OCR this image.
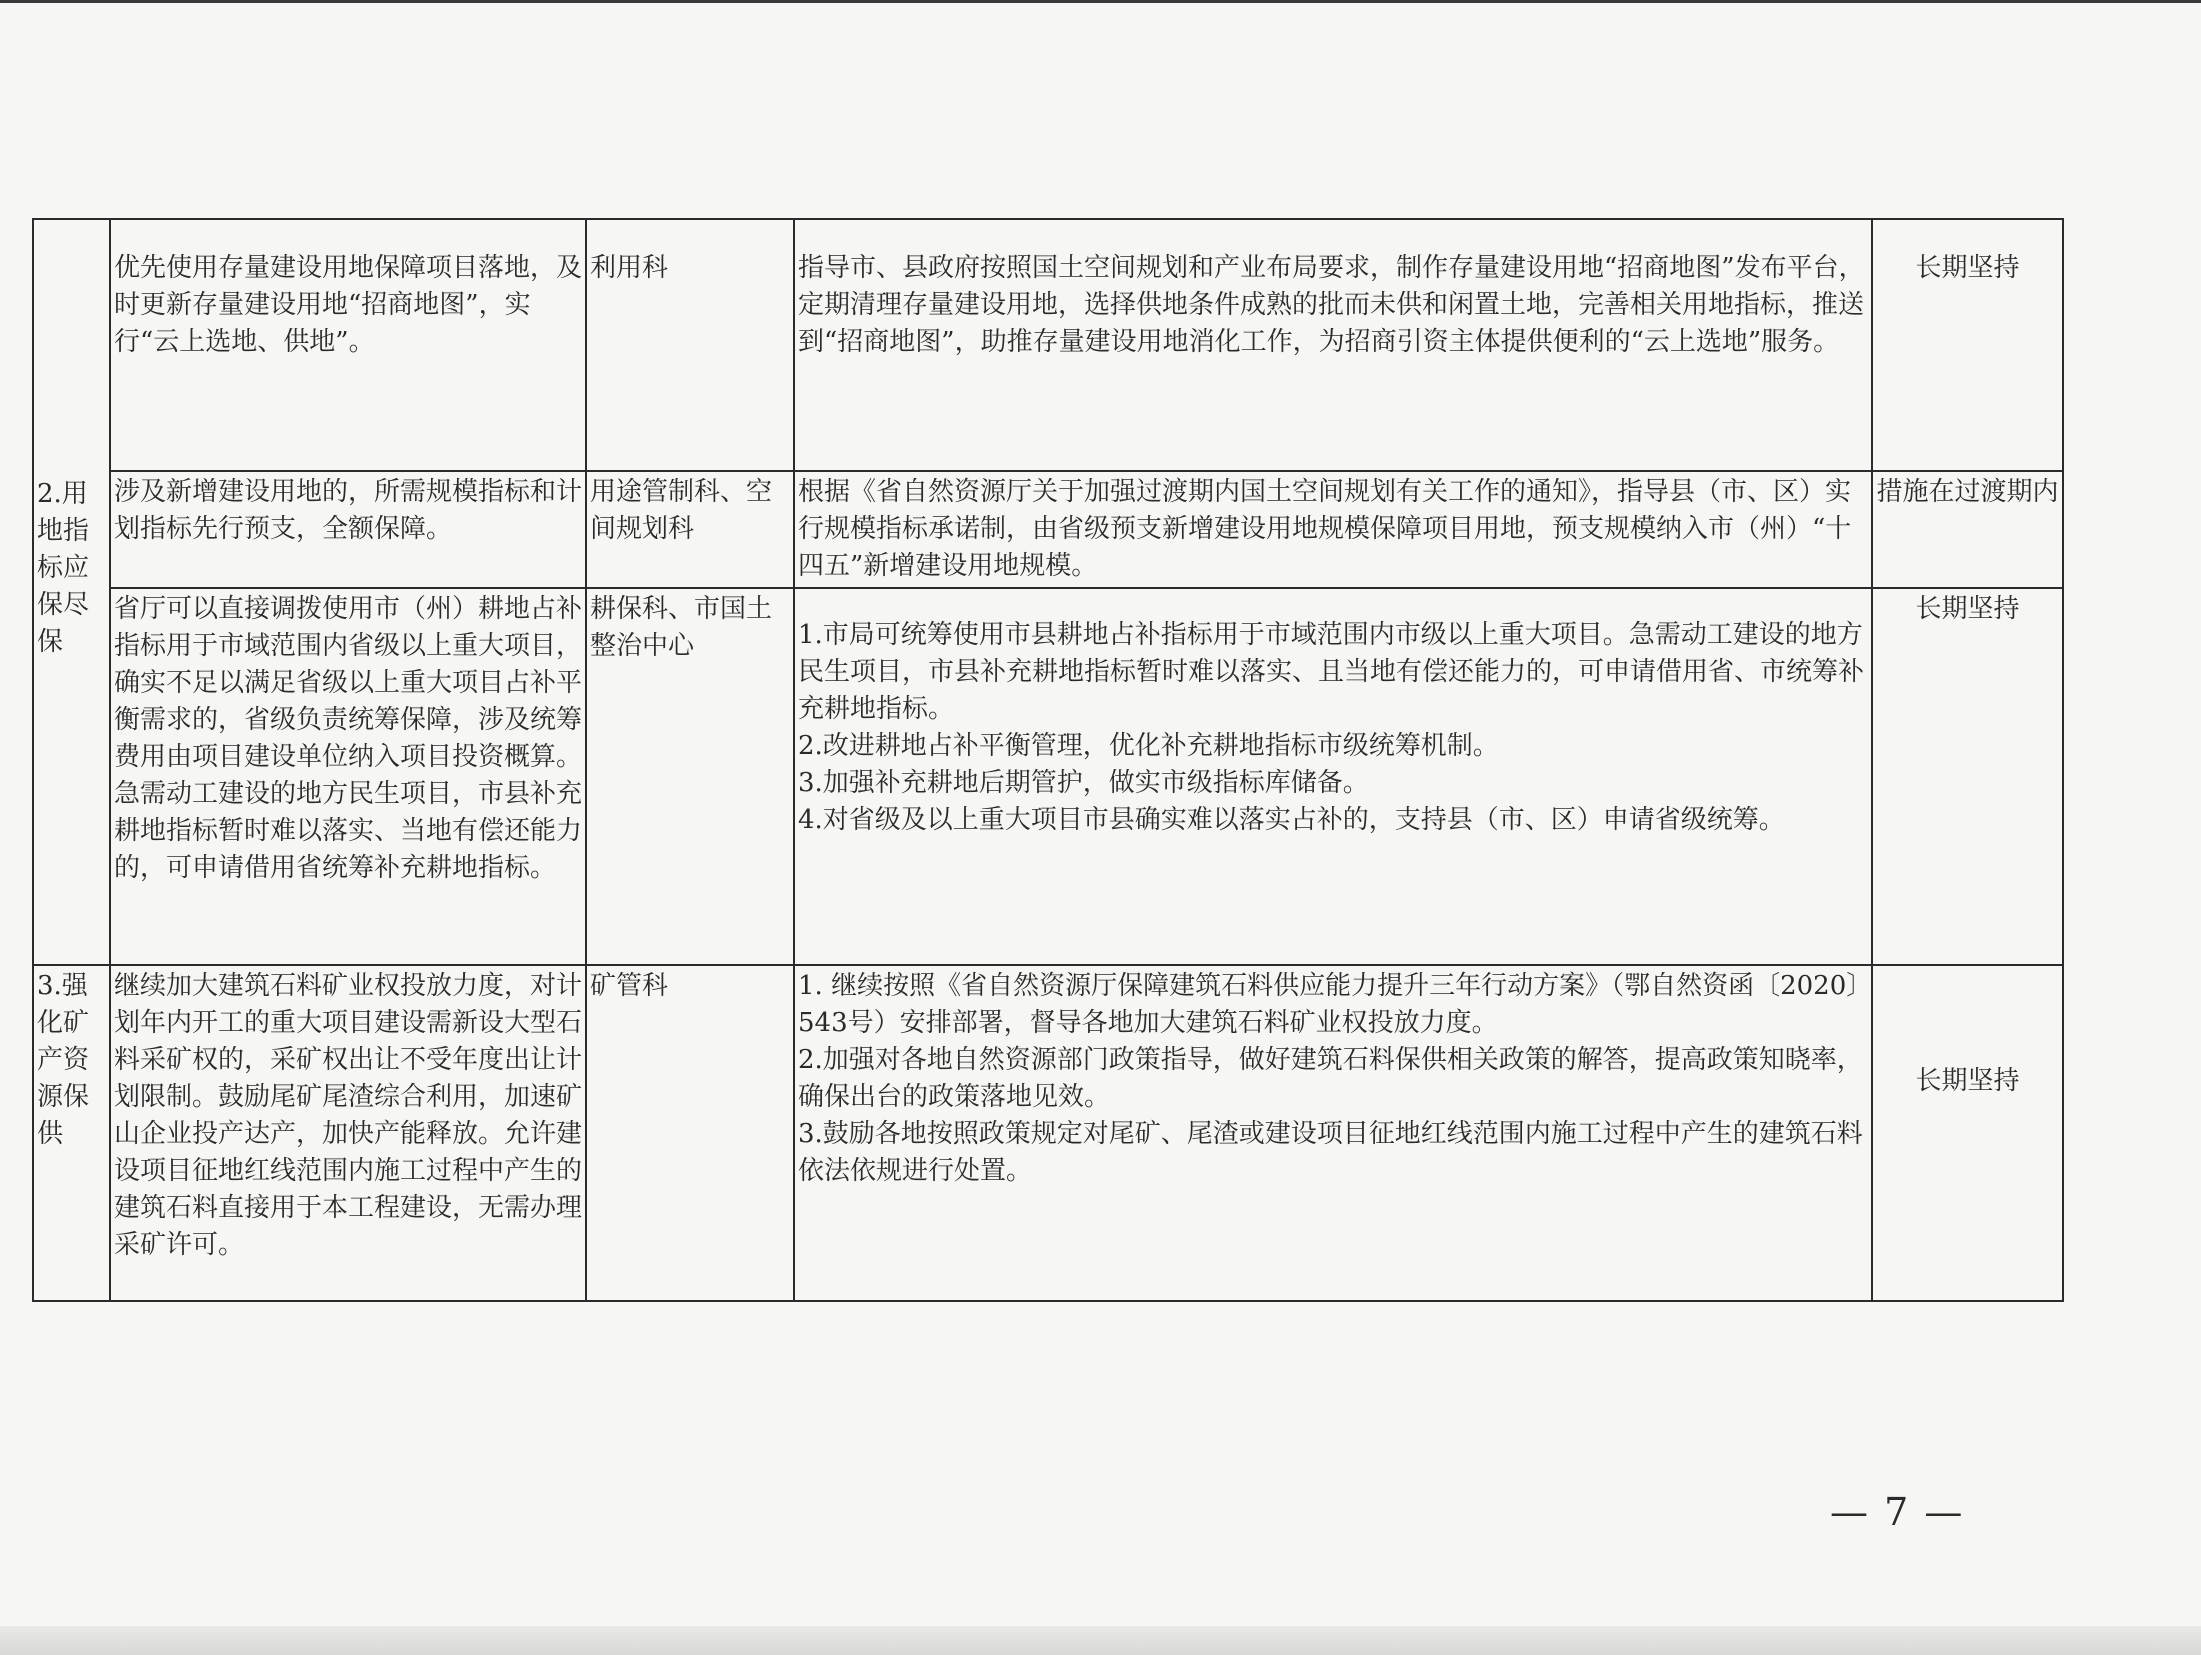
2.用地指标应保尽保	优先使用存量建设用地保障项目落地，及时更新存量建设用地“招商地图”，实行“云上选地、供地”。	利用科	指导市、县政府按照国土空间规划和产业布局要求，制作存量建设用地“招商地图”发布平台，定期清理存量建设用地，选择供地条件成熟的批而未供和闲置土地，完善相关用地指标，推送到“招商地图”，助推存量建设用地消化工作，为招商引资主体提供便利的“云上选地”服务。	长期坚持

	涉及新增建设用地的，所需规模指标和计划指标先行预支，全额保障。	用途管制科、空间规划科	根据《省自然资源厅关于加强过渡期内国土空间规划有关工作的通知》，指导县（市、区）实行规模指标承诺制，由省级预支新增建设用地规模保障项目用地，预支规模纳入市（州）“十四五”新增建设用地规模。	措施在过渡期内
	省厅可以直接调拨使用市（州）耕地占补指标用于市域范围内省级以上重大项目，确实不足以满足省级以上重大项目占补平衡需求的，省级负责统筹保障，涉及统筹费用由项目建设单位纳入项目投资概算。急需动工建设的地方民生项目，市县补充耕地指标暂时难以落实、当地有偿还能力的，可申请借用省统筹补充耕地指标。	耕保科、市国土整治中心	1.市局可统筹使用市县耕地占补指标用于市域范围内市级以上重大项目。急需动工建设的地方民生项目，市县补充耕地指标暂时难以落实、且当地有偿还能力的，可申请借用省、市统筹补充耕地指标。
2.改进耕地占补平衡管理，优化补充耕地指标市级统筹机制。
3.加强补充耕地后期管护，做实市级指标库储备。
4.对省级及以上重大项目市县确实难以落实占补的，支持县（市、区）申请省级统筹。	长期坚持
3.强化矿产资源保供	继续加大建筑石料矿业权投放力度，对计划年内开工的重大项目建设需新设大型石料采矿权的，采矿权出让不受年度出让计划限制。鼓励尾矿尾渣综合利用，加速矿山企业投产达产，加快产能释放。允许建设项目征地红线范围内施工过程中产生的建筑石料直接用于本工程建设，无需办理采矿许可。	矿管科	1. 继续按照《省自然资源厅保障建筑石料供应能力提升三年行动方案》（鄂自然资函〔2020〕543号）安排部署，督导各地加大建筑石料矿业权投放力度。
2.加强对各地自然资源部门政策指导，做好建筑石料保供相关政策的解答，提高政策知晓率，确保出台的政策落地见效。
3.鼓励各地按照政策规定对尾矿、尾渣或建设项目征地红线范围内施工过程中产生的建筑石料依法依规进行处置。	长期坚持
— 7 —
